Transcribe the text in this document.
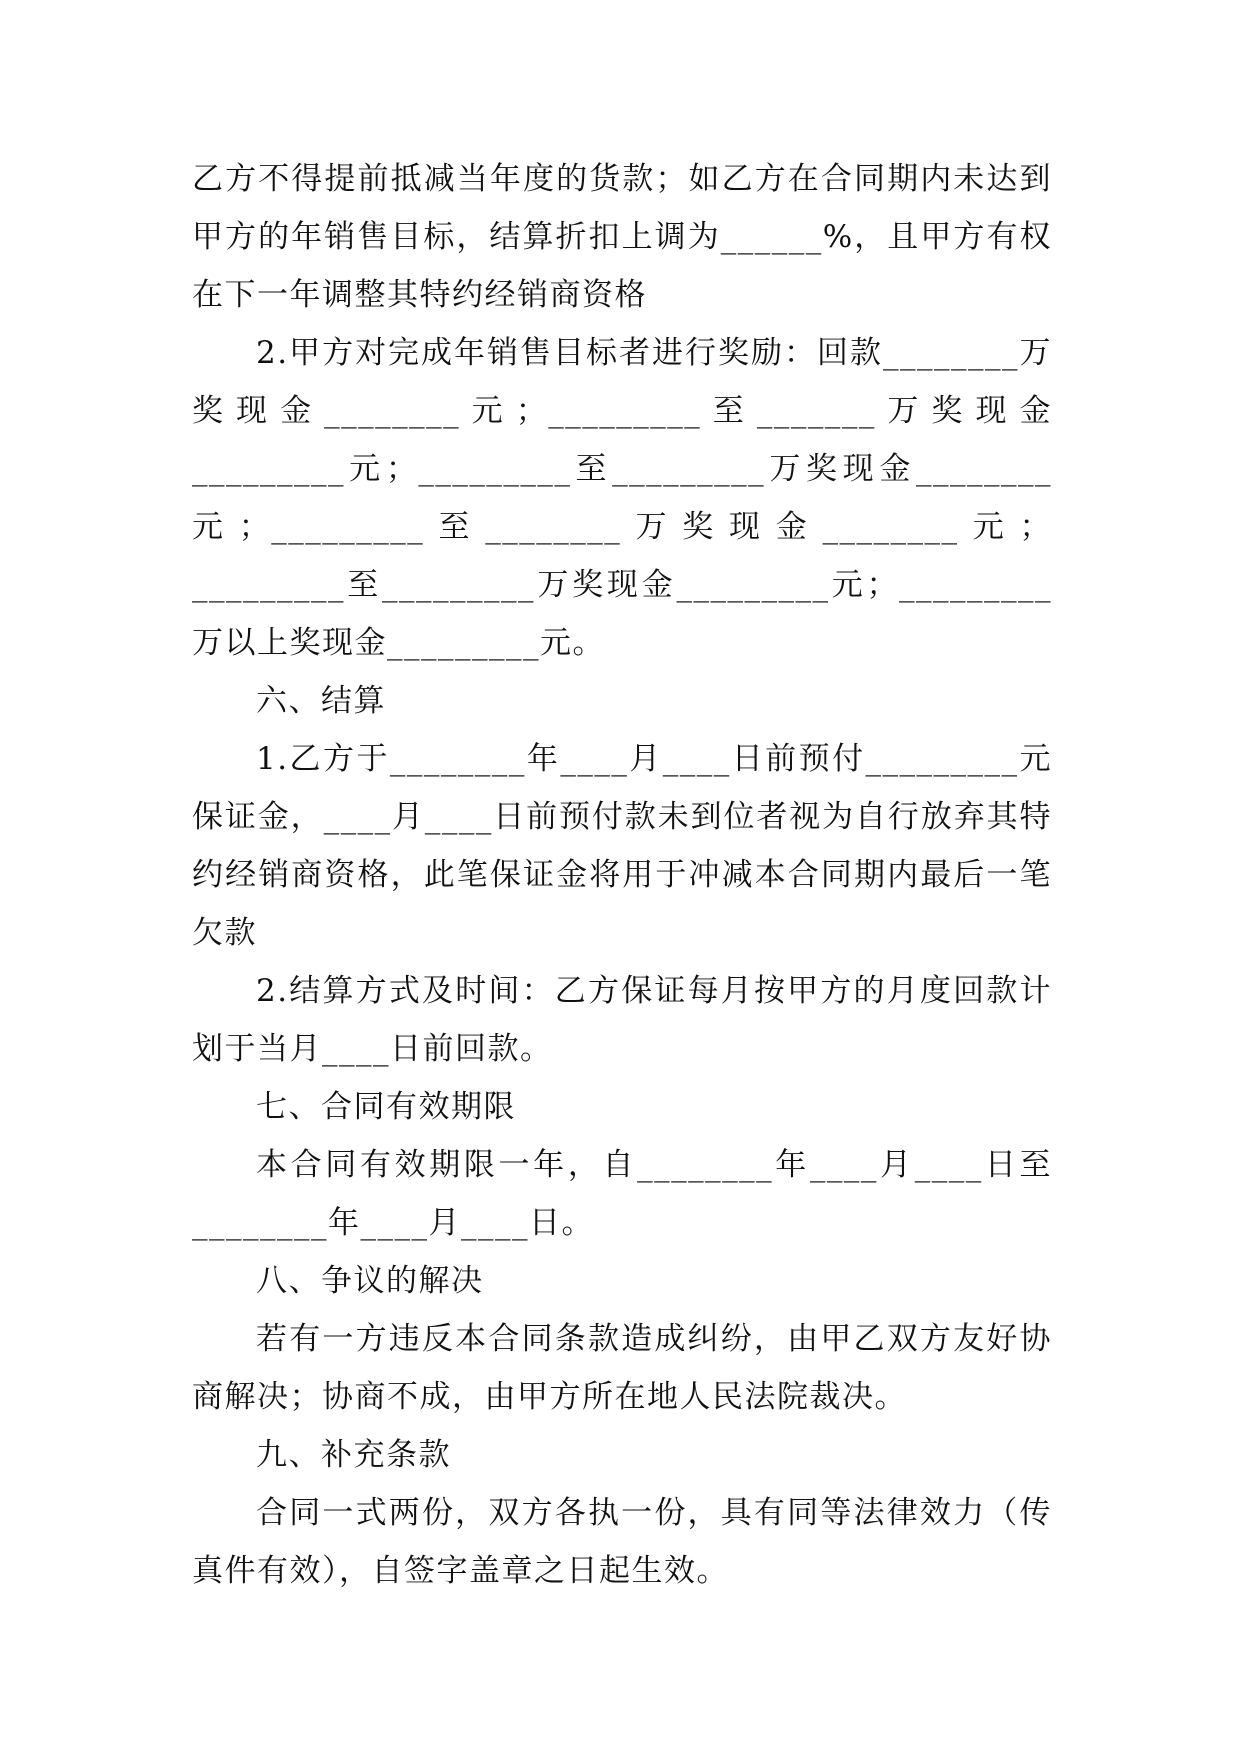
乙方不得提前抵减当年度的货款；如乙方在合同期内未达到甲方的年销售目标，结算折扣上调为______%，且甲方有权在下一年调整其特约经销商资格

2.甲方对完成年销售目标者进行奖励：回款________万奖现金________元；_________至_______万奖现金_________元；_________至_________万奖现金________元；_________至________万奖现金________元；_________至_________万奖现金_________元；_________万以上奖现金_________元。

六、结算

1.乙方于________年____月____日前预付_________元保证金，____月____日前预付款未到位者视为自行放弃其特约经销商资格，此笔保证金将用于冲减本合同期内最后一笔欠款

2.结算方式及时间：乙方保证每月按甲方的月度回款计划于当月____日前回款。

七、合同有效期限

本合同有效期限一年，自________年____月____日至________年____月____日。

八、争议的解决

若有一方违反本合同条款造成纠纷，由甲乙双方友好协商解决；协商不成，由甲方所在地人民法院裁决。

九、补充条款

合同一式两份，双方各执一份，具有同等法律效力（传真件有效），自签字盖章之日起生效。
